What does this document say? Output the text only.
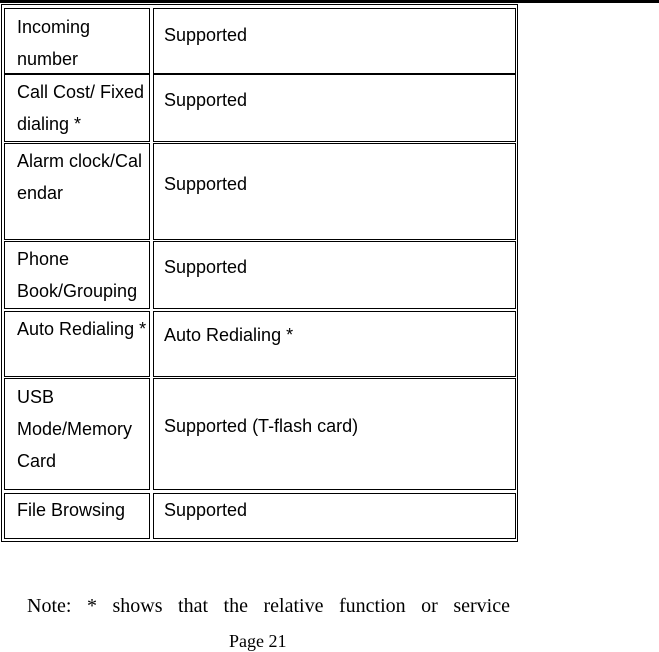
Incoming number
Supported
Call Cost/ Fixed dialing *
Supported
Alarm clock/Calendar	Supported
Phone Book/Grouping
Supported
Auto Redialing * Auto Redialing *
USB Mode/Memory Card
Supported (T-flash card)
File Browsing	Supported
Note: * shows that the relative function or service
Page 21
